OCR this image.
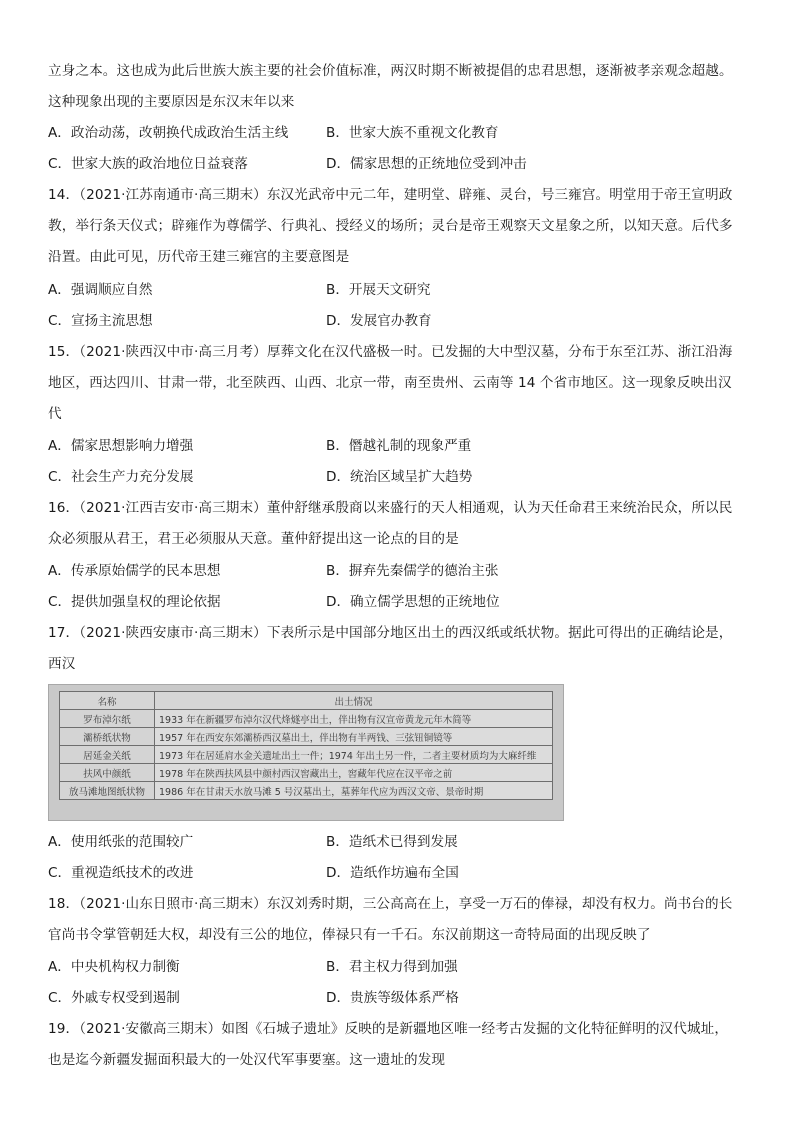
立身之本。这也成为此后世族大族主要的社会价值标准，两汉时期不断被提倡的忠君思想，逐渐被孝亲观念超越。
这种现象出现的主要原因是东汉末年以来
A．政治动荡，改朝换代成政治生活主线	B．世家大族不重视文化教育
C．世家大族的政治地位日益衰落	D．儒家思想的正统地位受到冲击
14．（2021·江苏南通市·高三期末）东汉光武帝中元二年，建明堂、辟雍、灵台，号三雍宫。明堂用于帝王宣明政
教，举行条天仪式；辟雍作为尊儒学、行典礼、授经义的场所；灵台是帝王观察天文星象之所，以知天意。后代多
沿置。由此可见，历代帝王建三雍宫的主要意图是
A．强调顺应自然	B．开展天文研究
C．宣扬主流思想	D．发展官办教育
15．（2021·陕西汉中市·高三月考）厚葬文化在汉代盛极一时。已发掘的大中型汉墓，分布于东至江苏、浙江沿海
地区，西达四川、甘肃一带，北至陕西、山西、北京一带，南至贵州、云南等 14 个省市地区。这一现象反映出汉
代
A．儒家思想影响力增强	B．僭越礼制的现象严重
C．社会生产力充分发展	D．统治区域呈扩大趋势
16．（2021·江西吉安市·高三期末）董仲舒继承殷商以来盛行的天人相通观，认为天任命君王来统治民众，所以民
众必须服从君王，君王必须服从天意。董仲舒提出这一论点的目的是
A．传承原始儒学的民本思想	B．摒弃先秦儒学的德治主张
C．提供加强皇权的理论依据	D．确立儒学思想的正统地位
17．（2021·陕西安康市·高三期末）下表所示是中国部分地区出土的西汉纸或纸状物。据此可得出的正确结论是，
西汉
名称	出土情况
罗布淖尔纸	1933 年在新疆罗布淖尔汉代烽燧亭出土，伴出物有汉宣帝黄龙元年木简等
灞桥纸状物	1957 年在西安东郊灞桥西汉墓出土，伴出物有半两钱、三弦钮铜镜等
居延金关纸	1973 年在居延肩水金关遗址出土一件；1974 年出土另一件，二者主要材质均为大麻纤维
扶风中颜纸	1978 年在陕西扶风县中颜村西汉窖藏出土，窖藏年代应在汉平帝之前
放马滩地图纸状物	1986 年在甘肃天水放马滩 5 号汉墓出土，墓葬年代应为西汉文帝、景帝时期
A．使用纸张的范围较广	B．造纸术已得到发展
C．重视造纸技术的改进	D．造纸作坊遍布全国
18．（2021·山东日照市·高三期末）东汉刘秀时期，三公高高在上，享受一万石的俸禄，却没有权力。尚书台的长
官尚书令掌管朝廷大权，却没有三公的地位，俸禄只有一千石。东汉前期这一奇特局面的出现反映了
A．中央机构权力制衡	B．君主权力得到加强
C．外戚专权受到遏制	D．贵族等级体系严格
19．（2021·安徽高三期末）如图《石城子遗址》反映的是新疆地区唯一经考古发掘的文化特征鲜明的汉代城址，
也是迄今新疆发掘面积最大的一处汉代军事要塞。这一遗址的发现
